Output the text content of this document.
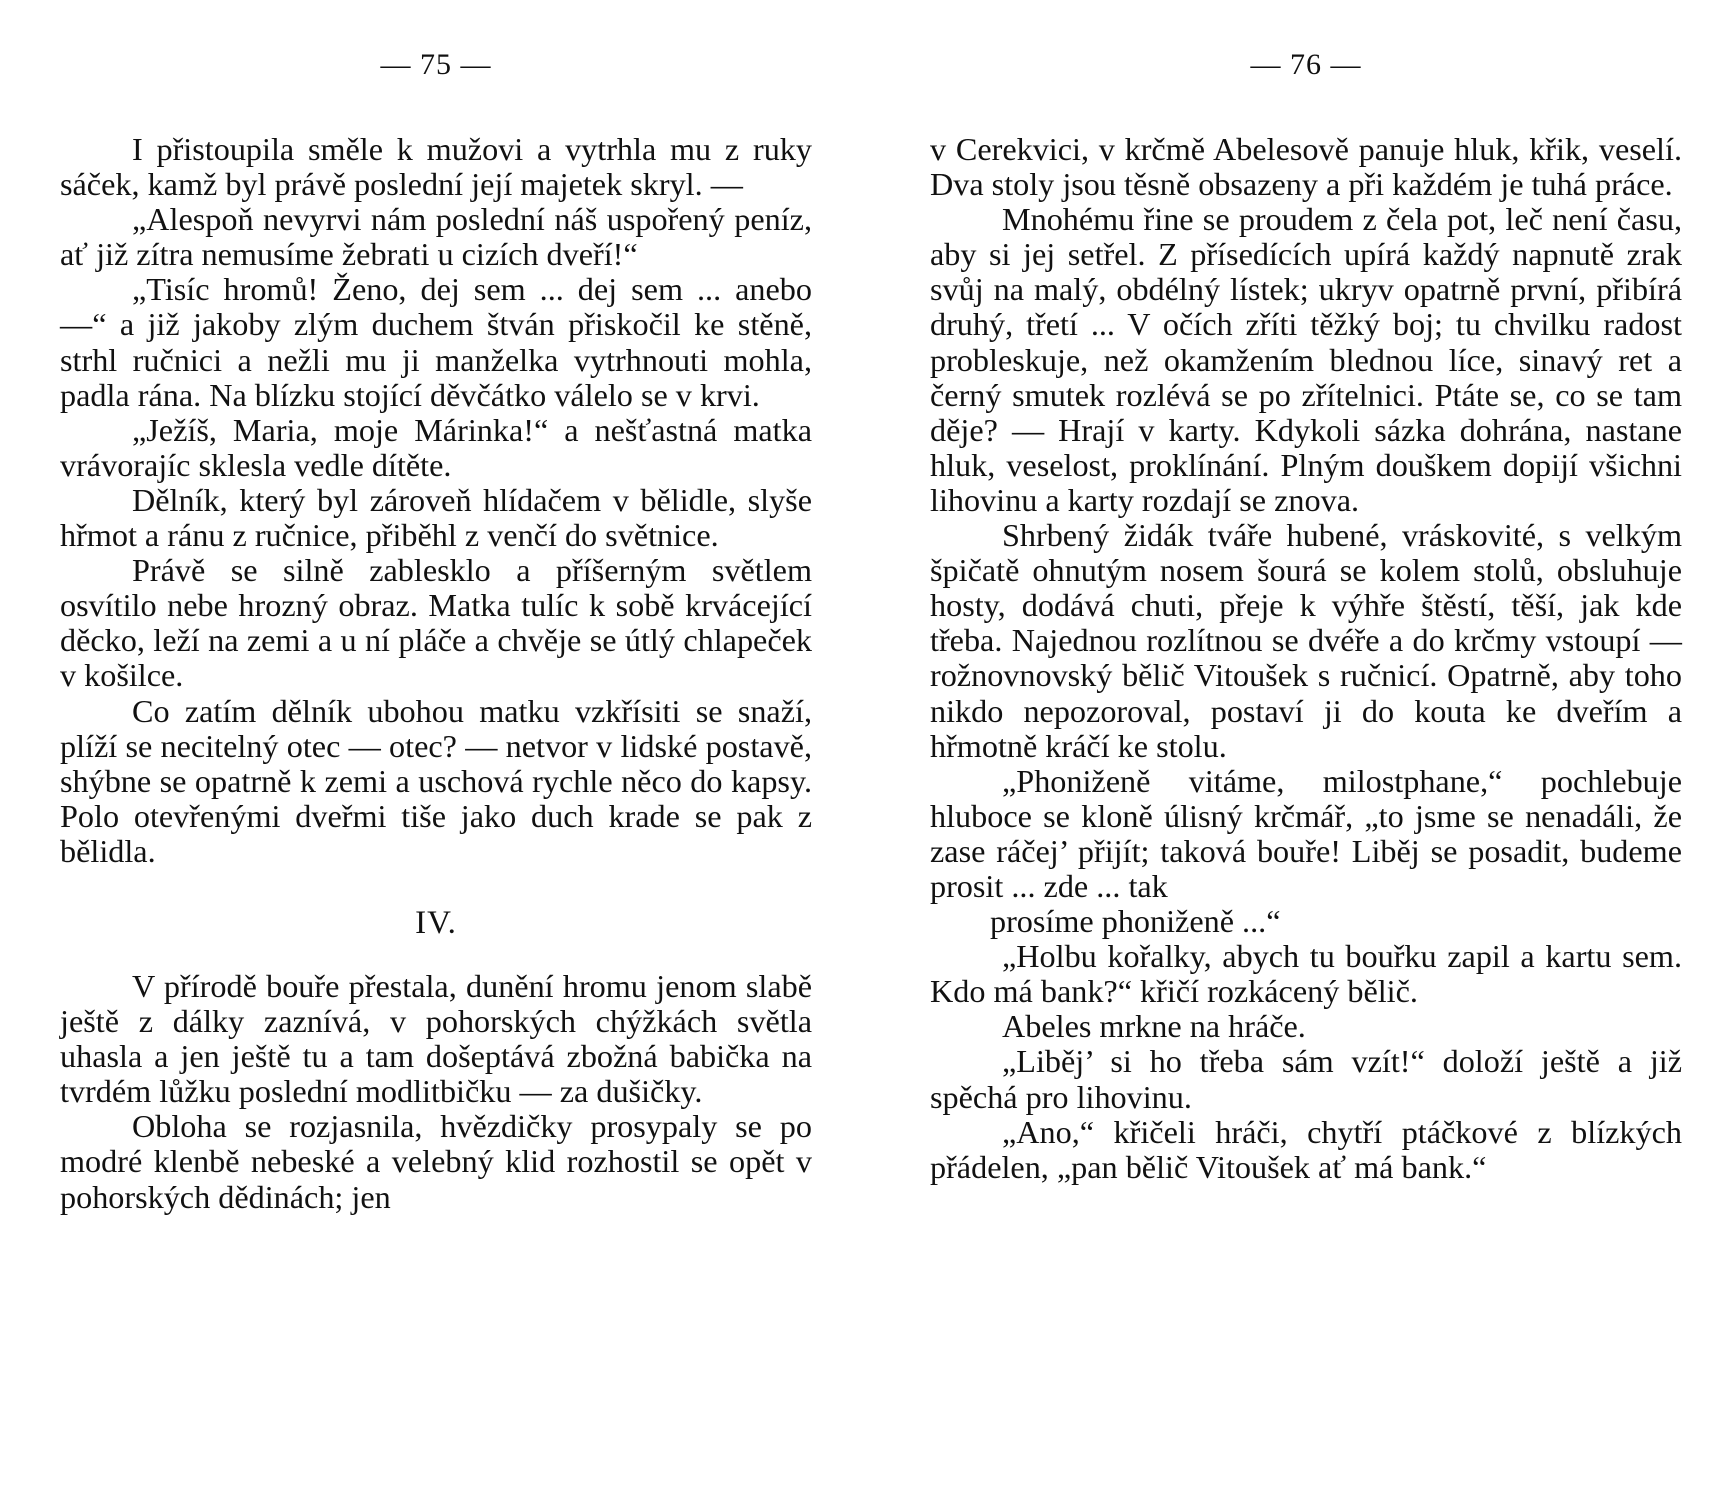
— 75 —

I přistoupila směle k mužovi a vytrhla mu z ruky sáček, kamž byl právě poslední její majetek skryl. —

„Alespoň nevyrvi nám poslední náš uspořený peníz, ať již zítra nemusíme žebrati u cizích dveří!“

„Tisíc hromů! Ženo, dej sem ... dej sem ... anebo —“ a již jakoby zlým duchem štván přiskočil ke stěně, strhl ručnici a nežli mu ji manželka vytrhnouti mohla, padla rána. Na blízku stojící děvčátko válelo se v krvi.

„Ježíš, Maria, moje Márinka!“ a nešťastná matka vrávorajíc sklesla vedle dítěte.

Dělník, který byl zároveň hlídačem v bělidle, slyše hřmot a ránu z ručnice, přiběhl z venčí do světnice.

Právě se silně zablesklo a příšerným světlem osvítilo nebe hrozný obraz. Matka tulíc k sobě krvácející děcko, leží na zemi a u ní pláče a chvěje se útlý chlapeček v košilce.

Co zatím dělník ubohou matku vzkřísiti se snaží, plíží se necitelný otec — otec? — netvor v lidské postavě, shýbne se opatrně k zemi a uschová rychle něco do kapsy. Polo otevřenými dveřmi tiše jako duch krade se pak z bělidla.

IV.

V přírodě bouře přestala, dunění hromu jenom slabě ještě z dálky zaznívá, v pohorských chýžkách světla uhasla a jen ještě tu a tam došeptává zbožná babička na tvrdém lůžku poslední modlitbičku — za dušičky.

Obloha se rozjasnila, hvězdičky prosypaly se po modré klenbě nebeské a velebný klid rozhostil se opět v pohorských dědinách; jen

— 76 —

v Cerekvici, v krčmě Abelesově panuje hluk, křik, veselí. Dva stoly jsou těsně obsazeny a při každém je tuhá práce.

Mnohému řine se proudem z čela pot, leč není času, aby si jej setřel. Z přísedících upírá každý napnutě zrak svůj na malý, obdélný lístek; ukryv opatrně první, přibírá druhý, třetí ... V očích zříti těžký boj; tu chvilku radost probleskuje, než okamžením blednou líce, sinavý ret a černý smutek rozlévá se po zřítelnici. Ptáte se, co se tam děje? — Hrají v karty. Kdykoli sázka dohrána, nastane hluk, veselost, proklínání. Plným douškem dopijí všichni lihovinu a karty rozdají se znova.

Shrbený židák tváře hubené, vráskovité, s velkým špičatě ohnutým nosem šourá se kolem stolů, obsluhuje hosty, dodává chuti, přeje k výhře štěstí, těší, jak kde třeba. Najednou rozlítnou se dvéře a do krčmy vstoupí — rožnovnovský bělič Vitoušek s ručnicí. Opatrně, aby toho nikdo nepozoroval, postaví ji do kouta ke dveřím a hřmotně kráčí ke stolu.

„Phoniženě vitáme, milostphane,“ pochlebuje hluboce se kloně úlisný krčmář, „to jsme se nenadáli, že zase ráčej’ přijít; taková bouře! Liběj se posadit, budeme prosit ... zde ... tak

prosíme phoniženě ...“

„Holbu kořalky, abych tu bouřku zapil a kartu sem. Kdo má bank?“ křičí rozkácený bělič.

Abeles mrkne na hráče.

„Liběj’ si ho třeba sám vzít!“ doloží ještě a již spěchá pro lihovinu.

„Ano,“ křičeli hráči, chytří ptáčkové z blízkých přádelen, „pan bělič Vitoušek ať má bank.“
